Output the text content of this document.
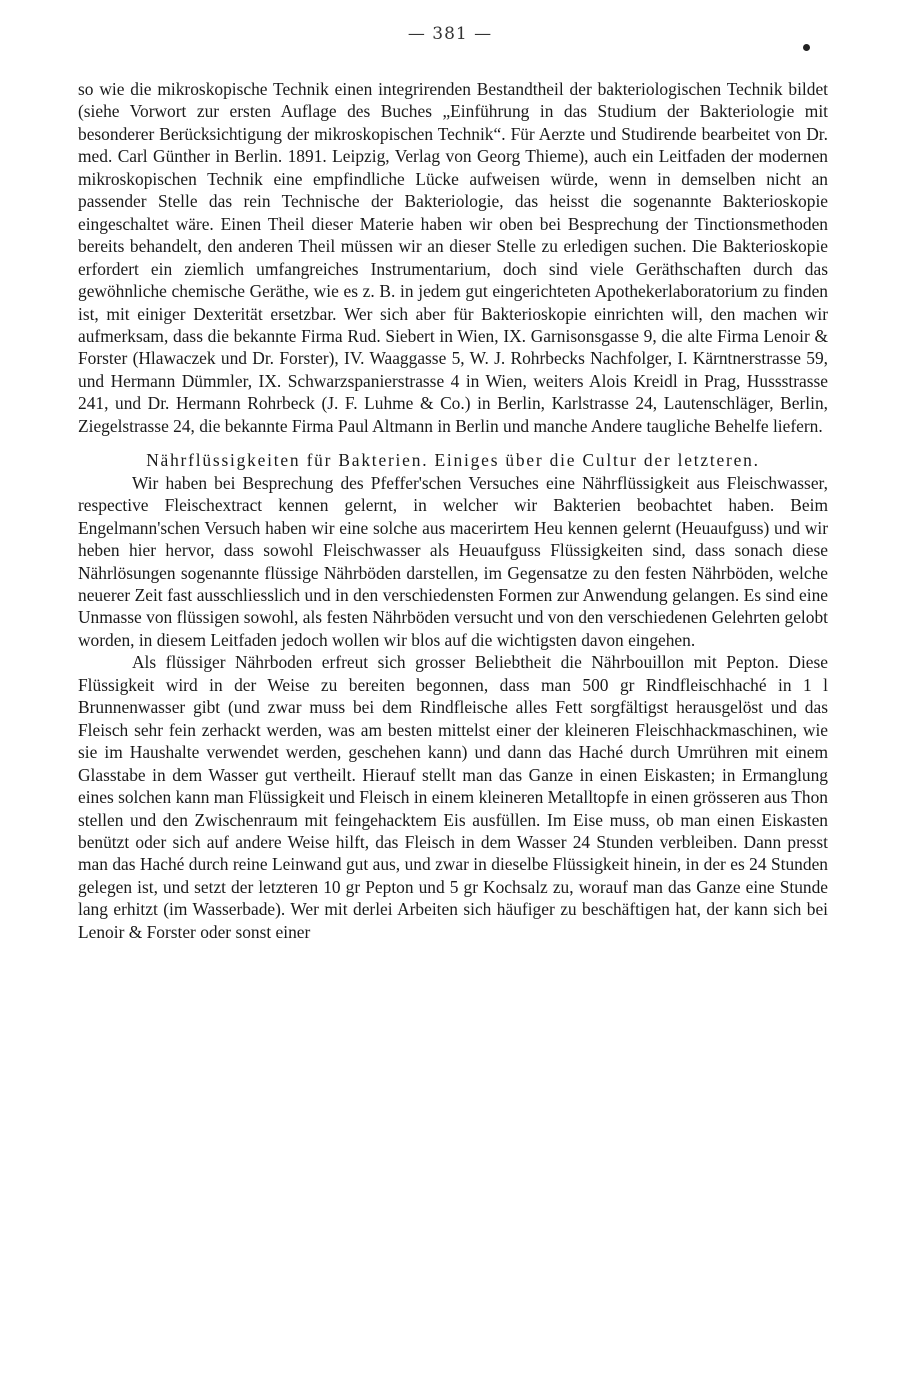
— 381 —

so wie die mikroskopische Technik einen integrirenden Bestandtheil der bakteriologischen Technik bildet (siehe Vorwort zur ersten Auflage des Buches „Einführung in das Studium der Bakteriologie mit besonderer Berücksichtigung der mikroskopischen Technik“. Für Aerzte und Studirende bearbeitet von Dr. med. Carl Günther in Berlin. 1891. Leipzig, Verlag von Georg Thieme), auch ein Leitfaden der modernen mikroskopischen Technik eine empfindliche Lücke aufweisen würde, wenn in demselben nicht an passender Stelle das rein Technische der Bakteriologie, das heisst die sogenannte Bakterioskopie eingeschaltet wäre. Einen Theil dieser Materie haben wir oben bei Besprechung der Tinctionsmethoden bereits behandelt, den anderen Theil müssen wir an dieser Stelle zu erledigen suchen. Die Bakterioskopie erfordert ein ziemlich umfangreiches Instrumentarium, doch sind viele Geräthschaften durch das gewöhnliche chemische Geräthe, wie es z. B. in jedem gut eingerichteten Apothekerlaboratorium zu finden ist, mit einiger Dexterität ersetzbar. Wer sich aber für Bakterioskopie einrichten will, den machen wir aufmerksam, dass die bekannte Firma Rud. Siebert in Wien, IX. Garnisonsgasse 9, die alte Firma Lenoir & Forster (Hlawaczek und Dr. Forster), IV. Waaggasse 5, W. J. Rohrbecks Nachfolger, I. Kärntnerstrasse 59, und Hermann Dümmler, IX. Schwarzspanierstrasse 4 in Wien, weiters Alois Kreidl in Prag, Hussstrasse 241, und Dr. Hermann Rohrbeck (J. F. Luhme & Co.) in Berlin, Karlstrasse 24, Lautenschläger, Berlin, Ziegelstrasse 24, die bekannte Firma Paul Altmann in Berlin und manche Andere taugliche Behelfe liefern.

Nährflüssigkeiten für Bakterien. Einiges über die Cultur der letzteren.

Wir haben bei Besprechung des Pfeffer'schen Versuches eine Nährflüssigkeit aus Fleischwasser, respective Fleischextract kennen gelernt, in welcher wir Bakterien beobachtet haben. Beim Engelmann'schen Versuch haben wir eine solche aus macerirtem Heu kennen gelernt (Heuaufguss) und wir heben hier hervor, dass sowohl Fleischwasser als Heuaufguss Flüssigkeiten sind, dass sonach diese Nährlösungen sogenannte flüssige Nährböden darstellen, im Gegensatze zu den festen Nährböden, welche neuerer Zeit fast ausschliesslich und in den verschiedensten Formen zur Anwendung gelangen. Es sind eine Unmasse von flüssigen sowohl, als festen Nährböden versucht und von den verschiedenen Gelehrten gelobt worden, in diesem Leitfaden jedoch wollen wir blos auf die wichtigsten davon eingehen.

Als flüssiger Nährboden erfreut sich grosser Beliebtheit die Nährbouillon mit Pepton. Diese Flüssigkeit wird in der Weise zu bereiten begonnen, dass man 500 gr Rindfleischhaché in 1 l Brunnenwasser gibt (und zwar muss bei dem Rindfleische alles Fett sorgfältigst herausgelöst und das Fleisch sehr fein zerhackt werden, was am besten mittelst einer der kleineren Fleischhackmaschinen, wie sie im Haushalte verwendet werden, geschehen kann) und dann das Haché durch Umrühren mit einem Glasstabe in dem Wasser gut vertheilt. Hierauf stellt man das Ganze in einen Eiskasten; in Ermanglung eines solchen kann man Flüssigkeit und Fleisch in einem kleineren Metalltopfe in einen grösseren aus Thon stellen und den Zwischenraum mit feingehacktem Eis ausfüllen. Im Eise muss, ob man einen Eiskasten benützt oder sich auf andere Weise hilft, das Fleisch in dem Wasser 24 Stunden verbleiben. Dann presst man das Haché durch reine Leinwand gut aus, und zwar in dieselbe Flüssigkeit hinein, in der es 24 Stunden gelegen ist, und setzt der letzteren 10 gr Pepton und 5 gr Kochsalz zu, worauf man das Ganze eine Stunde lang erhitzt (im Wasserbade). Wer mit derlei Arbeiten sich häufiger zu beschäftigen hat, der kann sich bei Lenoir & Forster oder sonst einer
